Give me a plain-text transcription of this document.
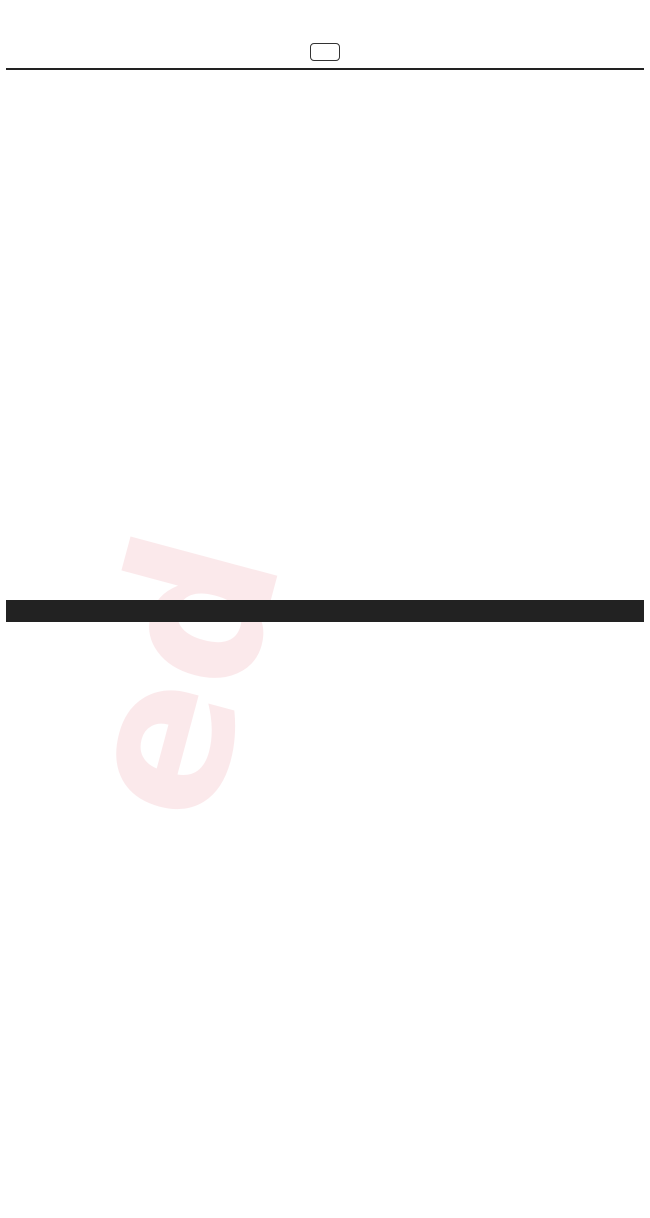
ed
